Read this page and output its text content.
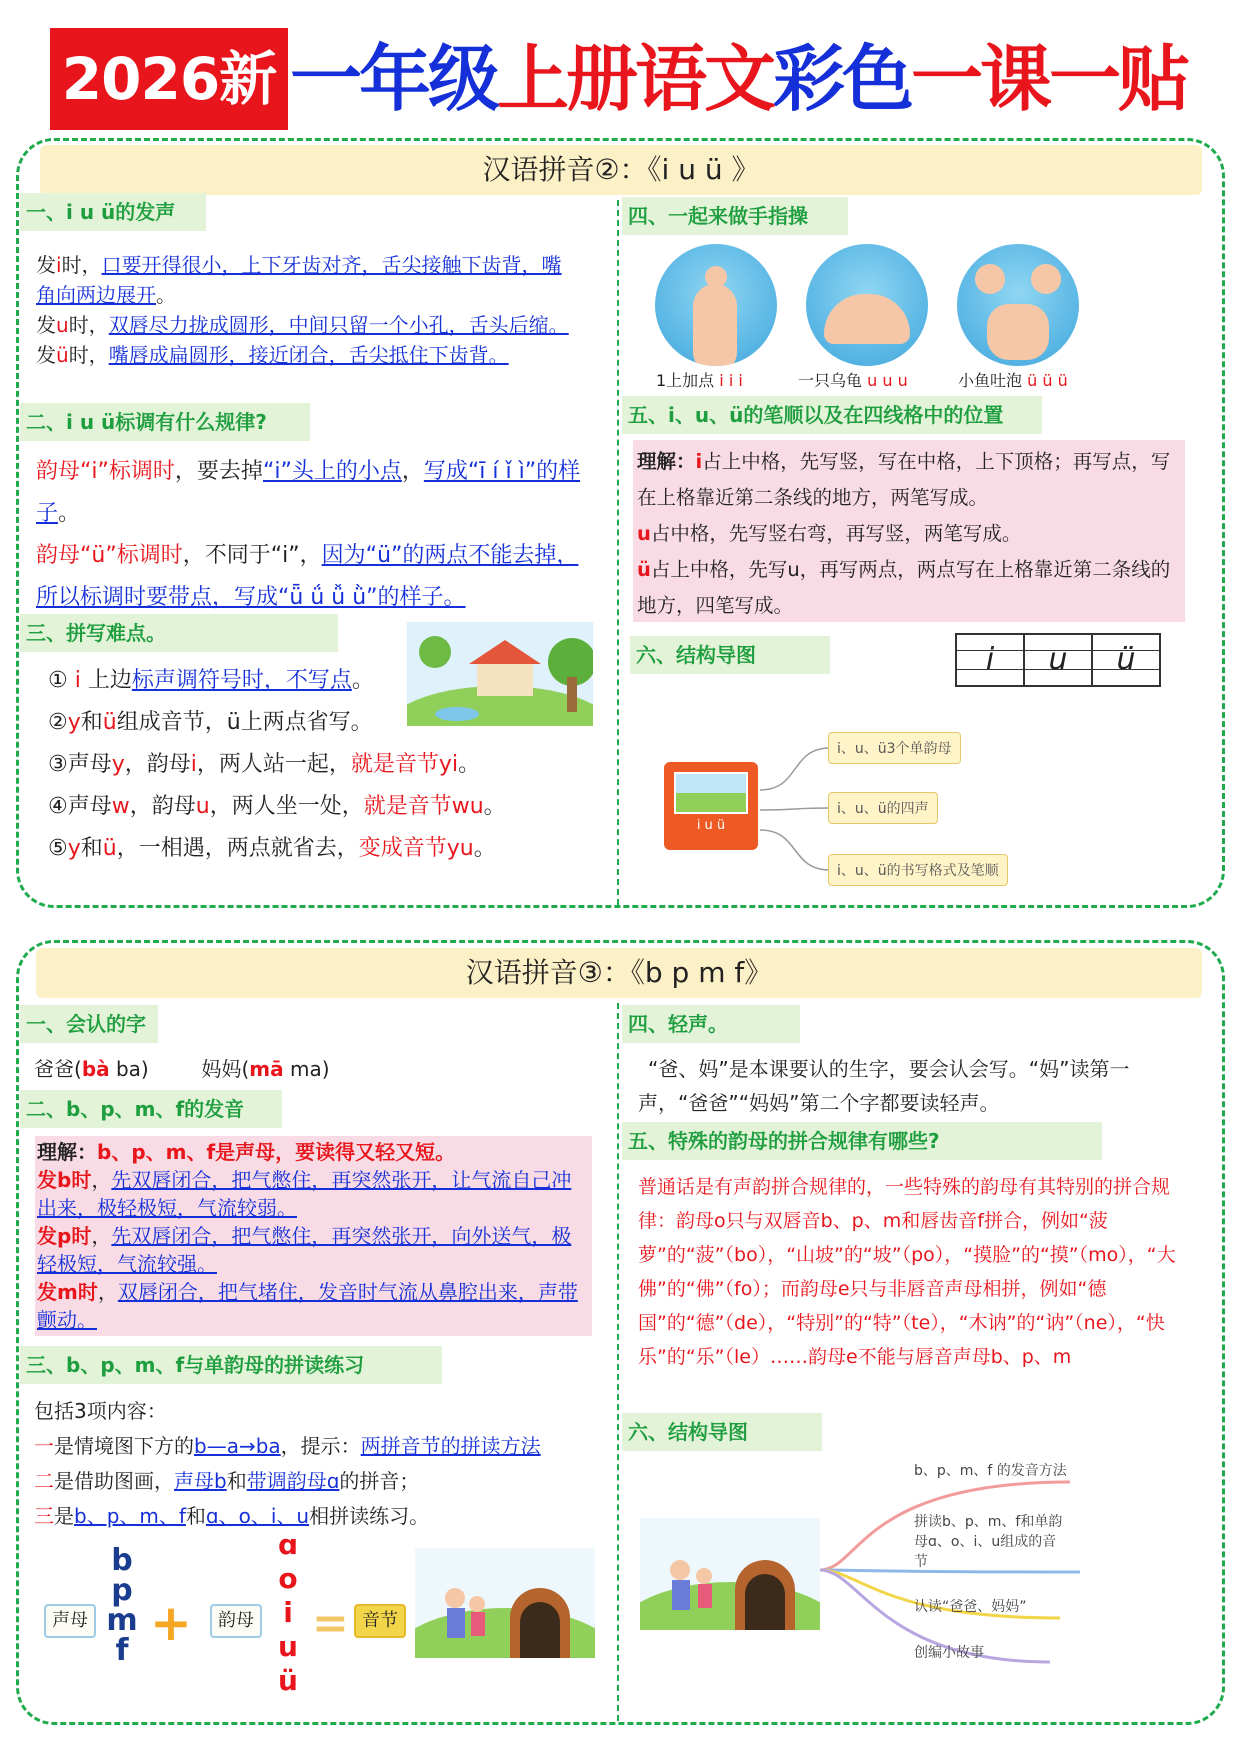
2026新 一年级上册语文彩色一课一贴
汉语拼音②：《i u ü 》
一、i u ü的发声
发i时，口要开得很小，上下牙齿对齐，舌尖接触下齿背，嘴角向两边展开。
发u时，双唇尽力拢成圆形，中间只留一个小孔，舌头后缩。
发ü时，嘴唇成扁圆形，接近闭合，舌尖抵住下齿背。
二、i u ü标调有什么规律?
韵母“i”标调时，要去掉“i”头上的小点，写成“ī í ǐ ì”的样子。
韵母“ü”标调时，不同于“i”，因为“ü”的两点不能去掉，所以标调时要带点，写成“ǖ ǘ ǚ ǜ”的样子。
三、拼写难点。
① i 上边标声调符号时，不写点。
②y和ü组成音节，ü上两点省写。
③声母y，韵母i，两人站一起，就是音节yi。
④声母w，韵母u，两人坐一处，就是音节wu。
⑤y和ü，一相遇，两点就省去，变成音节yu。
四、一起来做手指操
1上加点 i i i	一只乌龟 u u u	小鱼吐泡 ü ü ü
五、i、u、ü的笔顺以及在四线格中的位置
理解：i占上中格，先写竖，写在中格，上下顶格；再写点，写在上格靠近第二条线的地方，两笔写成。
u占中格，先写竖右弯，再写竖，两笔写成。
ü占上中格，先写u，再写两点，两点写在上格靠近第二条线的地方，四笔写成。
六、结构导图	i	u	ü
i u ü
i、u、ü3个单韵母
i、u、ü的四声
i、u、ü的书写格式及笔顺
汉语拼音③：《b p m f》
一、会认的字
爸爸(bà ba)	妈妈(mā ma)
二、b、p、m、f的发音
理解：b、p、m、f是声母，要读得又轻又短。
发b时，先双唇闭合，把气憋住，再突然张开，让气流自己冲出来，极轻极短，气流较弱。
发p时，先双唇闭合，把气憋住，再突然张开，向外送气，极轻极短，气流较强。
发m时，双唇闭合，把气堵住，发音时气流从鼻腔出来，声带颤动。
三、b、p、m、f与单韵母的拼读练习
包括3项内容：
一是情境图下方的b—a→ba，提示：两拼音节的拼读方法
二是借助图画，声母b和带调韵母ɑ的拼音；
三是b、p、m、f和ɑ、o、i、u相拼读练习。
声母
b
p
m
f +	韵母
ɑ
o
i
u
ü
= 音节
四、轻声。
“爸、妈”是本课要认的生字，要会认会写。“妈”读第一声，“爸爸”“妈妈”第二个字都要读轻声。
五、特殊的韵母的拼合规律有哪些?
普通话是有声韵拼合规律的，一些特殊的韵母有其特别的拼合规律：韵母o只与双唇音b、p、m和唇齿音f拼合，例如“菠萝”的“菠”（bo），“山坡”的“坡”（po），“摸脸”的“摸”（mo），“大佛”的“佛”（fo）；而韵母e只与非唇音声母相拼，例如“德国”的“德”（de），“特别”的“特”（te），“木讷”的“讷”（ne），“快乐”的“乐”（le）……韵母e不能与唇音声母b、p、m
六、结构导图
b、p、m、f 的发音方法
拼读b、p、m、f和单韵母ɑ、o、i、u组成的音节
认读“爸爸、妈妈”
创编小故事
